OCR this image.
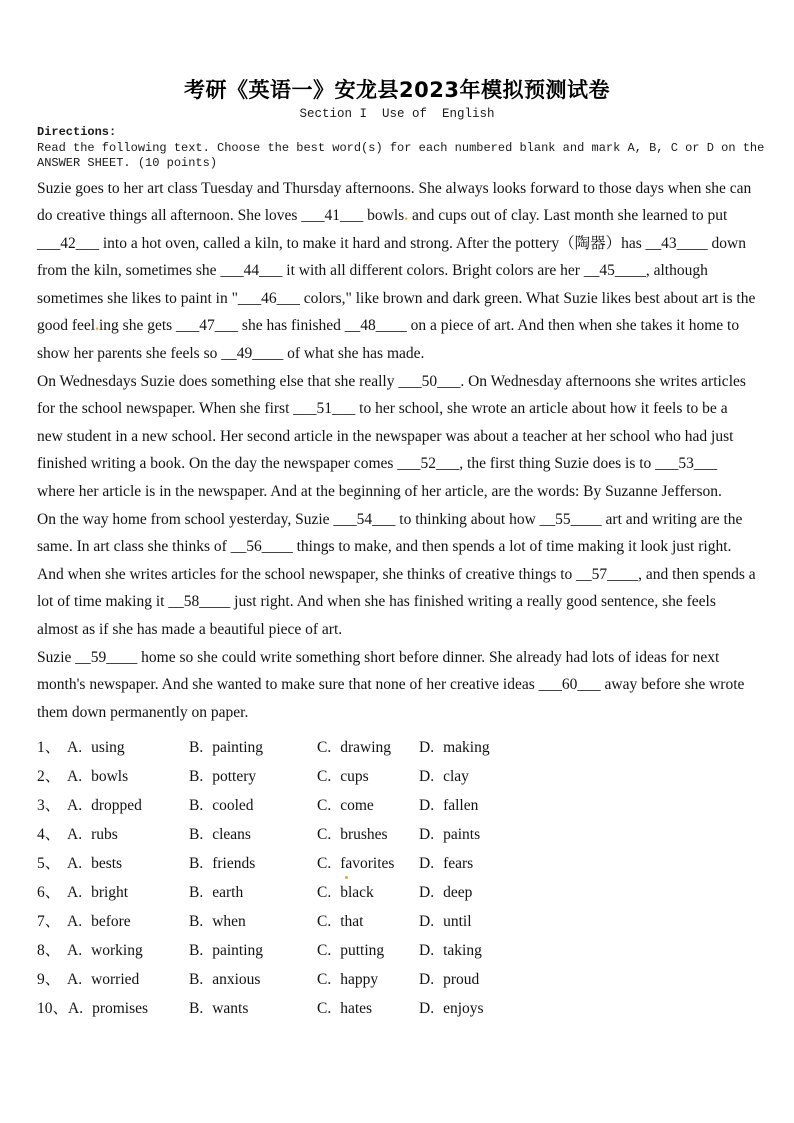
考研《英语一》安龙县2023年模拟预测试卷
Section I  Use of  English
Directions:
Read the following text. Choose the best word(s) for each numbered blank and mark A, B, C or D on the ANSWER SHEET. (10 points)

Suzie goes to her art class Tuesday and Thursday afternoons. She always looks forward to those days when she can do creative things all afternoon. She loves ___41___ bowls. and cups out of clay. Last month she learned to put ___42___ into a hot oven, called a kiln, to make it hard and strong. After the pottery（陶器）has __43____ down from the kiln, sometimes she ___44___ it with all different colors. Bright colors are her __45____, although sometimes she likes to paint in "___46___ colors," like brown and dark green. What Suzie likes best about art is the good feel.ing she gets ___47___ she has finished __48____ on a piece of art. And then when she takes it home to show her parents she feels so __49____ of what she has made.

On Wednesdays Suzie does something else that she really ___50___. On Wednesday afternoons she writes articles for the school newspaper. When she first ___51___ to her school, she wrote an article about how it feels to be a new student in a new school. Her second article in the newspaper was about a teacher at her school who had just finished writing a book. On the day the newspaper comes ___52___, the first thing Suzie does is to ___53___ where her article is in the newspaper. And at the beginning of her article, are the words: By Suzanne Jefferson.

On the way home from school yesterday, Suzie ___54___ to thinking about how __55____ art and writing are the same. In art class she thinks of __56____ things to make, and then spends a lot of time making it look just right. And when she writes articles for the school newspaper, she thinks of creative things to __57____, and then spends a lot of time making it __58____ just right. And when she has finished writing a really good sentence, she feels almost as if she has made a beautiful piece of art.

Suzie __59____ home so she could write something short before dinner. She already had lots of ideas for next month's newspaper. And she wanted to make sure that none of her creative ideas ___60___ away before she wrote them down permanently on paper.

1、 A. using	B. painting	C. drawing	D. making
2、 A. bowls	B. pottery	C. cups	D. clay
3、 A. dropped	B. cooled	C. come	D. fallen
4、 A. rubs	B. cleans	C. brushes	D. paints
5、 A. bests	B. friends	C. favorites	D. fears
6、 A. bright	B. earth	C. black	D. deep
7、 A. before	B. when	C. that	D. until
8、 A. working	B. painting	C. putting	D. taking
9、 A. worried	B. anxious	C. happy	D. proud
10、A. promises	B. wants	C. hates	D. enjoys
